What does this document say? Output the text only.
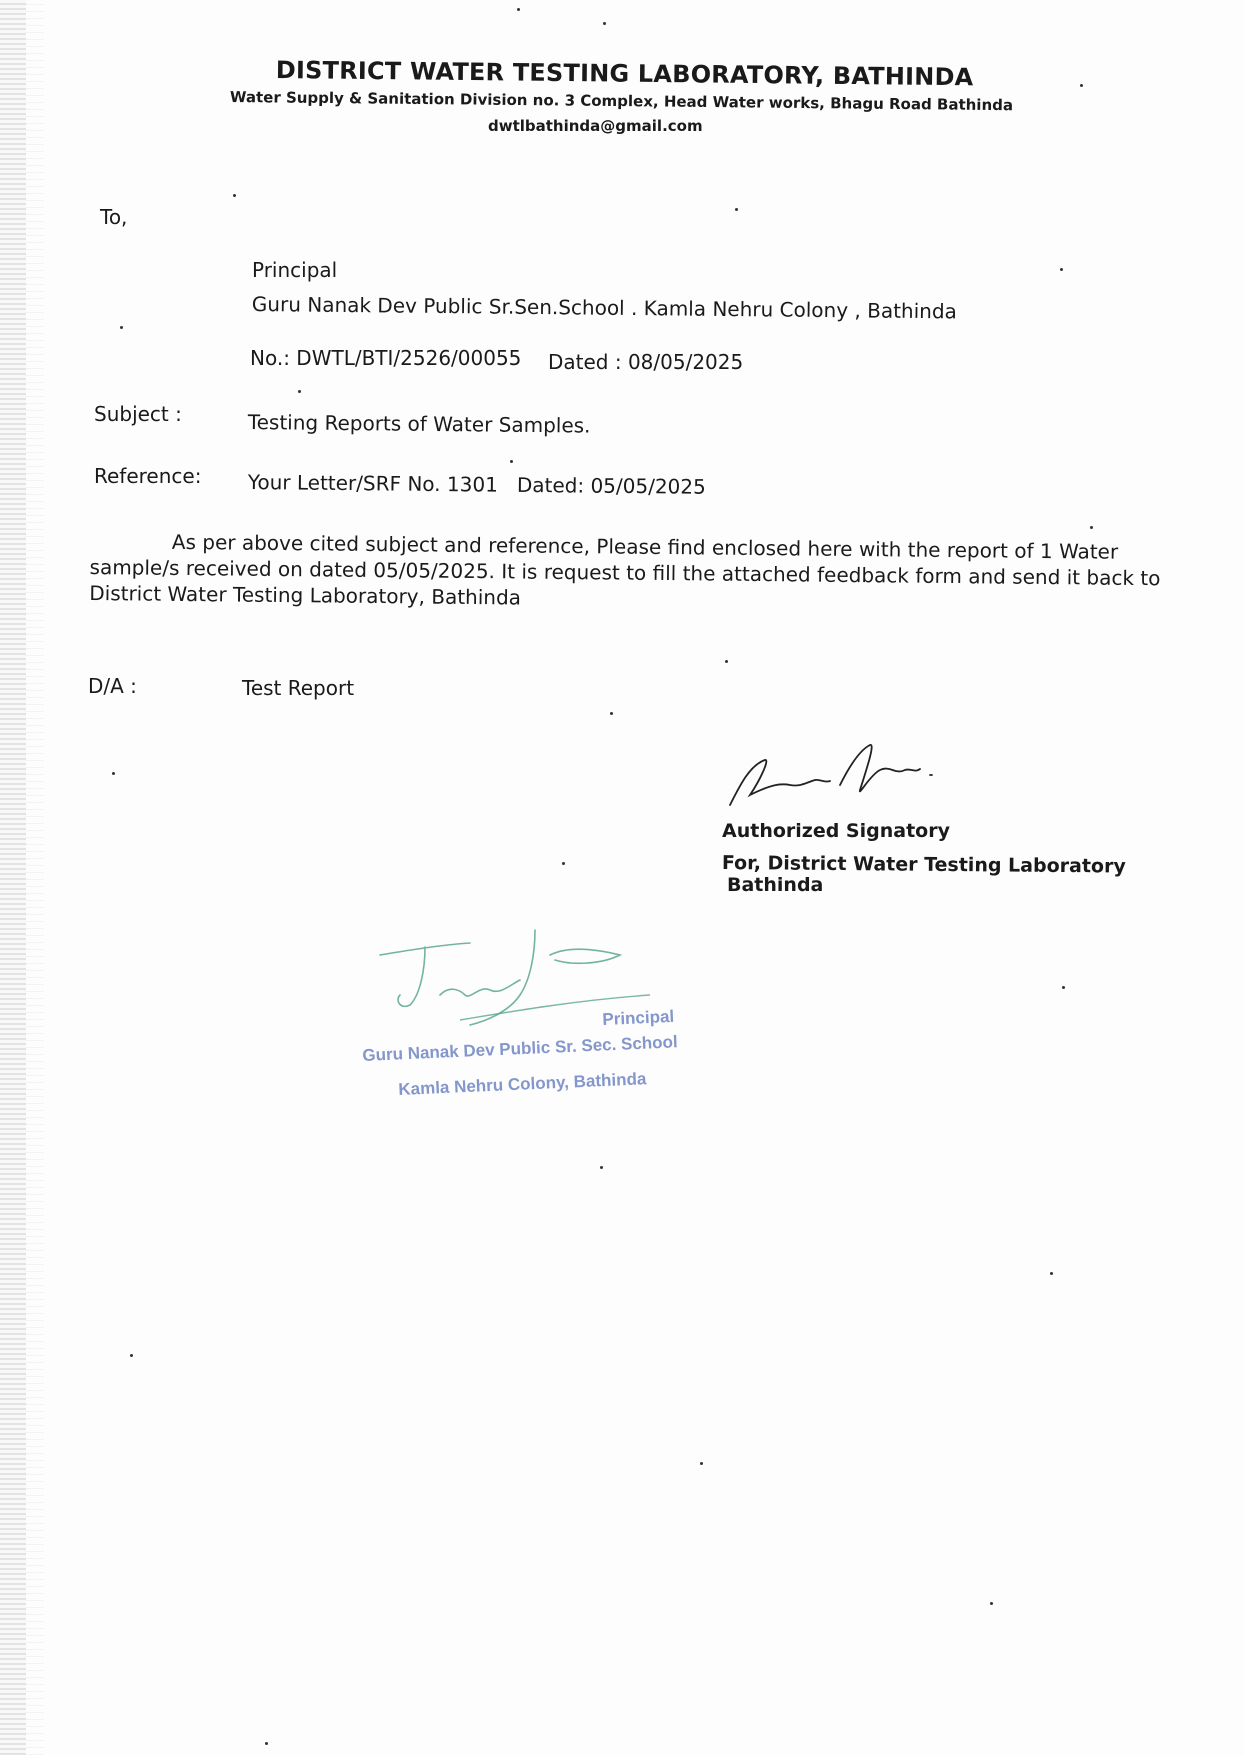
DISTRICT WATER TESTING LABORATORY, BATHINDA
Water Supply & Sanitation Division no. 3 Complex, Head Water works, Bhagu Road Bathinda
dwtlbathinda@gmail.com
To,
Principal
Guru Nanak Dev Public Sr.Sen.School . Kamla Nehru Colony , Bathinda
No.: DWTL/BTI/2526/00055 Dated : 08/05/2025
Subject :	Testing Reports of Water Samples.
Reference: Your Letter/SRF No. 1301   Dated: 05/05/2025
As per above cited subject and reference, Please find enclosed here with the report of 1 Water sample/s received on dated 05/05/2025. It is request to fill the attached feedback form and send it back to District Water Testing Laboratory, Bathinda
D/A :	Test Report
Authorized Signatory
For, District Water Testing Laboratory
Bathinda
Principal
Guru Nanak Dev Public Sr. Sec. School
Kamla Nehru Colony, Bathinda
